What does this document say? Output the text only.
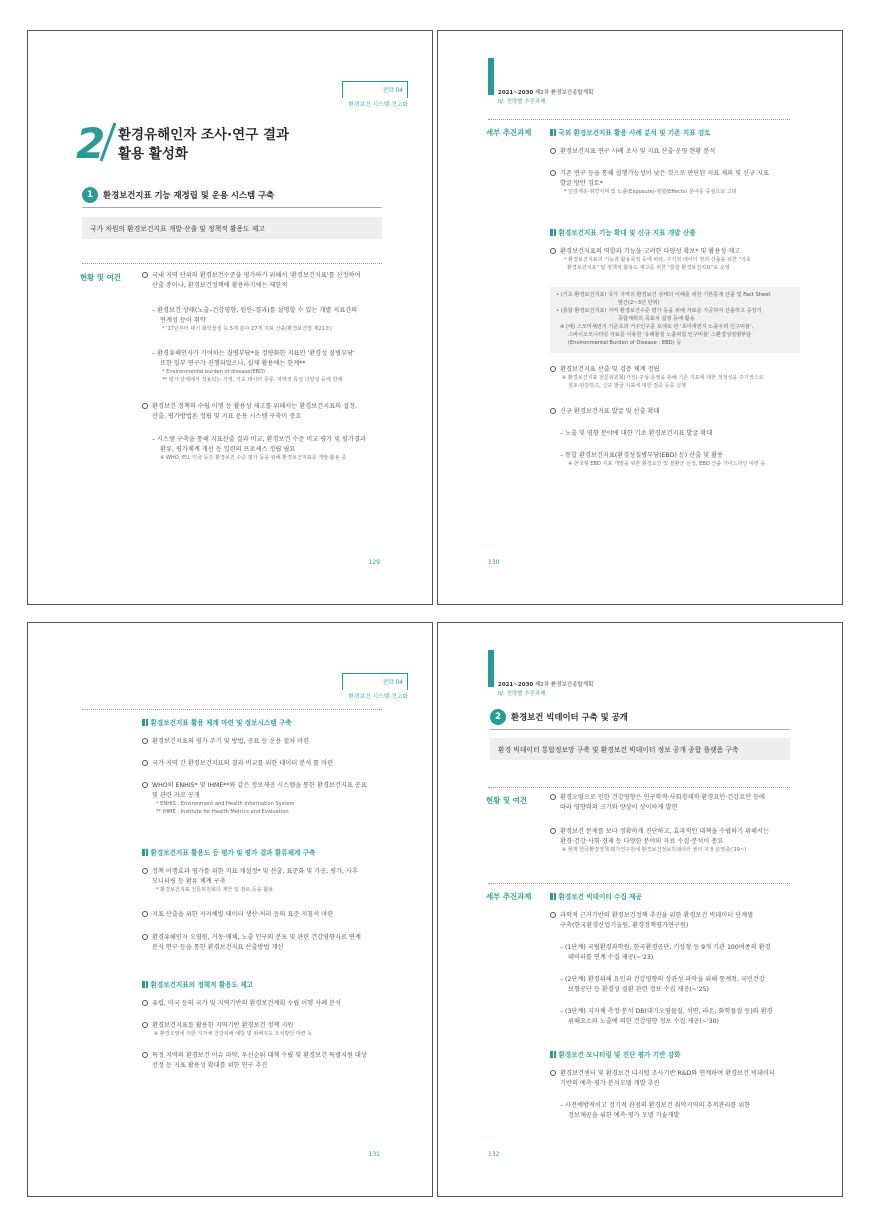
전략 04
환경보건 시스템 견고화
2 환경유해인자 조사·연구 결과
활용 활성화
1	환경보건지표 기능 재정립 및 운용 시스템 구축
국가 차원의 환경보건지표 개발·산출 및 정책적 활용도 제고
현황 및 여건	국내 지역 단위의 환경보건수준을 평가하기 위해서 '환경보건지표'를 선정하여
산출 중이나, 환경보건정책에 활용하기에는 제한적
– 환경보건 상태(노출–건강영향, 원인–결과)를 설명할 수 있는 개별 지표간의
연계성 등이 취약
* '17년부터 대기 화학물질 등 5개 분야 27개 지표 산출(환경보건법 제21조)
– 환경유해인자가 기여하는 질병부담*을 정량화한 지표인 '환경성 질병부담'
또한 일부 연구가 진행되었으나, 실제 활용에는 한계**
* Environmental burden of disease(EBD)
** 평가 단계에서 적용되는 가정, 기초 데이터 종류, 지역적 특성 다양성 등에 한계
환경보건 정책의 수립 이행 등 활용성 제고를 위해서는 환경보건지표의 설정,
산출, 평가방법론 정립 및 지표 운용 시스템 구축이 중요
– 시스템 구축을 통해 지표산출 결과 비교, 환경보건 수준 비교 평가 및 평가결과
환류, 평가체계 개선 등 일련의 프로세스 정립 필요
※ WHO, EU, 미국 등은 환경보건 수준 평가 등을 위해 환경보건지표를 개발·활용 중
129
2021~2030 제2차 환경보건종합계획
Ⅳ. 전략별 추진과제
세부 추진과제	국외 환경보건지표 활용 사례 분석 및 기존 지표 검토
환경보건지표 연구 사례 조사 및 지표 산출·운영 현황 분석
기존 연구 등을 통해 실행가능성이 낮은 것으로 판단된 지표 제외 및 신규 지표
발굴 방안 검토*
* 민감계층·취약지역 및 노출(Exposure)·영향(Effects) 분야를 중심으로 고려
환경보건지표 기능 확대 및 신규 지표 개발 산출
환경보건지표의 역할과 기능을 고려한 다양성 확보* 및 활용성 제고
* 환경보건지표의 기능과 활용목적 등에 따라, 주기적 데이터 정리·산출을 위한 "기초
환경보건지표" 및 정책적 활용도 제고를 위한 "통합 환경보건지표"로 운영
• (기초 환경보건지표) 국가 지역의 환경보건 상태의 이해를 위한 기본통계 산출 및 Fact Sheet
발간(2~3년 단위)
• (통합 환경보건지표) 지역 환경보건수준 평가 등을 위해 자료를 가공하여 산출하고 중장기
종합계획의 목표치 설정 등에 활용
※ (예) 스모미세먼지 기준초과 거주인구를 토대로 한 '초미세먼지 노출우려 인구비율',
스바이오모니터링 자료를 이용한 '유해물질 노출위험 인구비율' 스환경성질병부담
(Environmental Burden of Disease : EBD) 등
환경보건지표 산출 및 검증 체계 정립
※ 환경보건지표 전문위원회(가칭) 구성·운영을 통해 기존 지표에 대한 적정성을 주기적으로
검토·판단하고, 신규 발굴 지표에 대한 검증 등을 실행
신규 환경보건지표 발굴 및 산출 확대
– 노출 및 영향 분야에 대한 기초 환경보건지표 발굴 확대
– 통합 환경보건지표(환경성질병부담(EBD) 등) 산출 및 활용
※ 한국형 EBD 지표 개발을 위한 환경요인 및 질환군 선정, EBD 산출 가이드라인 마련 등
130
전략 04
환경보건 시스템 견고화
환경보건지표 활용 체계 마련 및 정보시스템 구축
환경보건지표의 평가 주기 및 방법, 공표 등 운용 절차 마련
국가·지역 간 환경보건지표의 결과 비교를 위한 데이터 분석 툴 마련
WHO의 ENHIS* 및 IHME**와 같은 정보제공 시스템을 통한 환경보건지표 공표
및 관련 자료 공개
* ENHIS : Environment and Health Information System
** IHME : Institute for Health Metrics and Evaluation
환경보건지표 활용도 등 평가 및 평가 결과 환류체계 구축
정책 이행효과 평가를 위한 지표 재설정* 및 산출, 표준화 및 가공, 평가, 사후
모니터링 등 환류 체계 구축
* 환경보건지표 전문위원회의 제안 및 검토 등을 활용
지표 산출을 위한 지자체별 데이터 생산·처리 등의 표준 지침서 마련
환경유해인자 오염원, 거동·매체, 노출 인구의 분포 및 관련 건강영향자료 연계
분석 연구 등을 통한 환경보건지표 산출방법 개선
환경보건지표의 정책적 활용도 제고
유럽, 미국 등의 국가 및 지역기반의 환경보건계획 수립 이행 사례 분석
환경보건지표를 활용한 지역기반 환경보건 정책 지원
※ 환경오염에 의한 지자체 건강피해 예방 및 위해지도 조치방안 마련 등
특정 지역의 환경보건 이슈 파악, 우선순위 대책 수립 및 환경보건 특별지원 대상
선정 등 지표 활용성 확대를 위한 연구 추진
131
2021~2030 제2차 환경보건종합계획
Ⅳ. 전략별 추진과제
2	환경보건 빅데이터 구축 및 공개
환경 빅데이터 통합정보망 구축 및 환경보건 빅데이터 정보 공개 종합 플랫폼 구축
현황 및 여건	환경오염으로 인한 건강영향은 인구학적·사회경제적·환경요인·건강요인 등에
따라 영향력의 크기와 양상이 상이하게 발현
환경보건 문제를 보다 정확하게 진단하고, 효과적인 대책을 수립하기 위해서는
환경·건강·사회·경제 등 다양한 분야의 자료 수집·분석이 중요
※ 현재 한국환경정책·평가연구원에 환경보건정보빅데이터 센터 지정 운영중('19~)
세부 추진과제	환경보건 빅데이터 수집 제공
과학적 근거기반의 환경보건정책 추진을 위한 환경보건 빅데이터 단계별
구축(한국환경산업기술원, 환경정책평가연구원)
– (1단계) 국립환경과학원, 한국환경공단, 기상청 등 9개 기관 100여종의 환경
데이터를 연계 수집 제공(~'23)
– (2단계) 환경위해 요인과 건강영향의 상관성 파악을 위해 통계청, 국민건강
보험공단 등 환경성 질환 관련 정보 수집 제공(~'25)
– (3단계) 지자체 측정·분석 DB(대기오염물질, 석면, 라돈, 화학물질 등)와 환경
위해요소와 노출에 의한 건강영향 정보 수집 제공(~'30)
환경보건 모니터링 및 진단 평가 기반 강화
환경보건센터 및 환경보건 디지털 조사기반 R&D와 연계하여 환경보건 빅데이터
기반의 예측·평가 분석모델 개발 추진
– 사전예방적이고 정기적 관점의 환경보건 취약지역의 추적관리를 위한
정보제공을 위한 예측·평가 모델 기술개발
132
